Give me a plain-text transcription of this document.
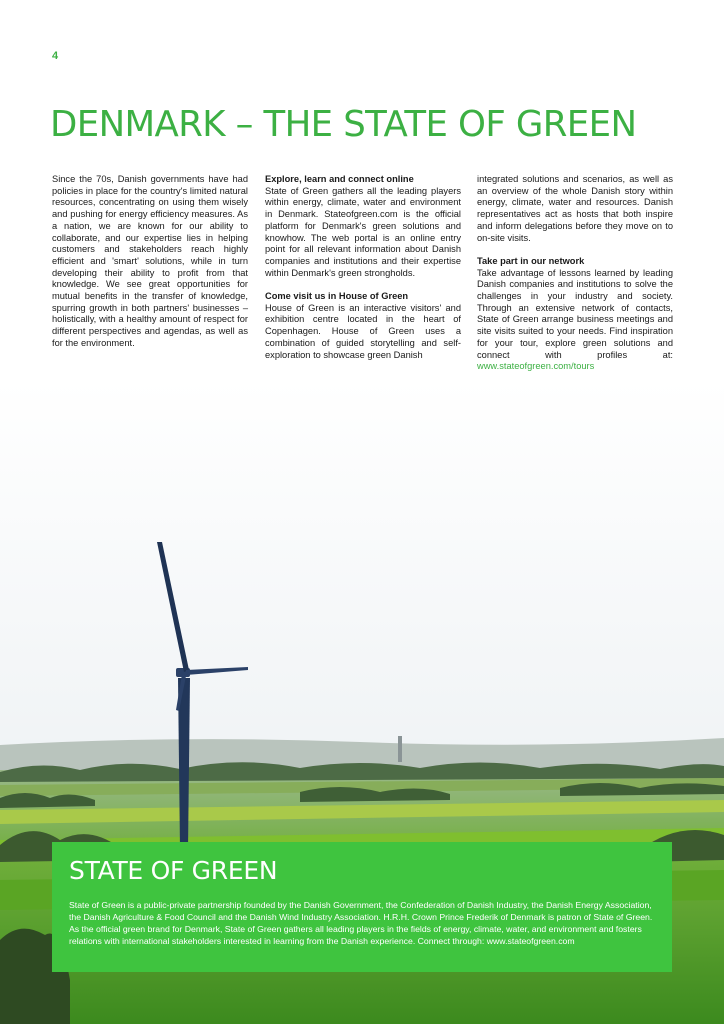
4
DENMARK – THE STATE OF GREEN

Since the 70s, Danish governments have had policies in place for the country's limited natural resources, concentrating on using them wisely and pushing for energy efficiency measures. As a nation, we are known for our ability to collaborate, and our expertise lies in helping customers and stakeholders reach highly efficient and 'smart' solutions, while in turn developing their ability to profit from that knowledge. We see great opportunities for mutual benefits in the transfer of knowledge, spurring growth in both partners' businesses – holistically, with a healthy amount of respect for different perspectives and agendas, as well as for the environment.

Explore, learn and connect online

State of Green gathers all the leading players within energy, climate, water and environment in Denmark. Stateofgreen.com is the official platform for Denmark's green solutions and knowhow. The web portal is an online entry point for all relevant information about Danish companies and institutions and their expertise within Denmark's green strongholds.

Come visit us in House of Green

House of Green is an interactive visitors' and exhibition centre located in the heart of Copenhagen. House of Green uses a combination of guided storytelling and self-exploration to showcase green Danish

integrated solutions and scenarios, as well as an overview of the whole Danish story within energy, climate, water and resources. Danish representatives act as hosts that both inspire and inform delegations before they move on to on-site visits.

Take part in our network

Take advantage of lessons learned by leading Danish companies and institutions to solve the challenges in your industry and society. Through an extensive network of contacts, State of Green arrange business meetings and site visits suited to your needs. Find inspiration for your tour, explore green solutions and connect with profiles at: www.stateofgreen.com/tours

STATE OF GREEN

State of Green is a public-private partnership founded by the Danish Government, the Confederation of Danish Industry, the Danish Energy Association, the Danish Agriculture & Food Council and the Danish Wind Industry Association. H.R.H. Crown Prince Frederik of Denmark is patron of State of Green. As the official green brand for Denmark, State of Green gathers all leading players in the fields of energy, climate, water, and environment and fosters relations with international stakeholders interested in learning from the Danish experience. Connect through: www.stateofgreen.com
